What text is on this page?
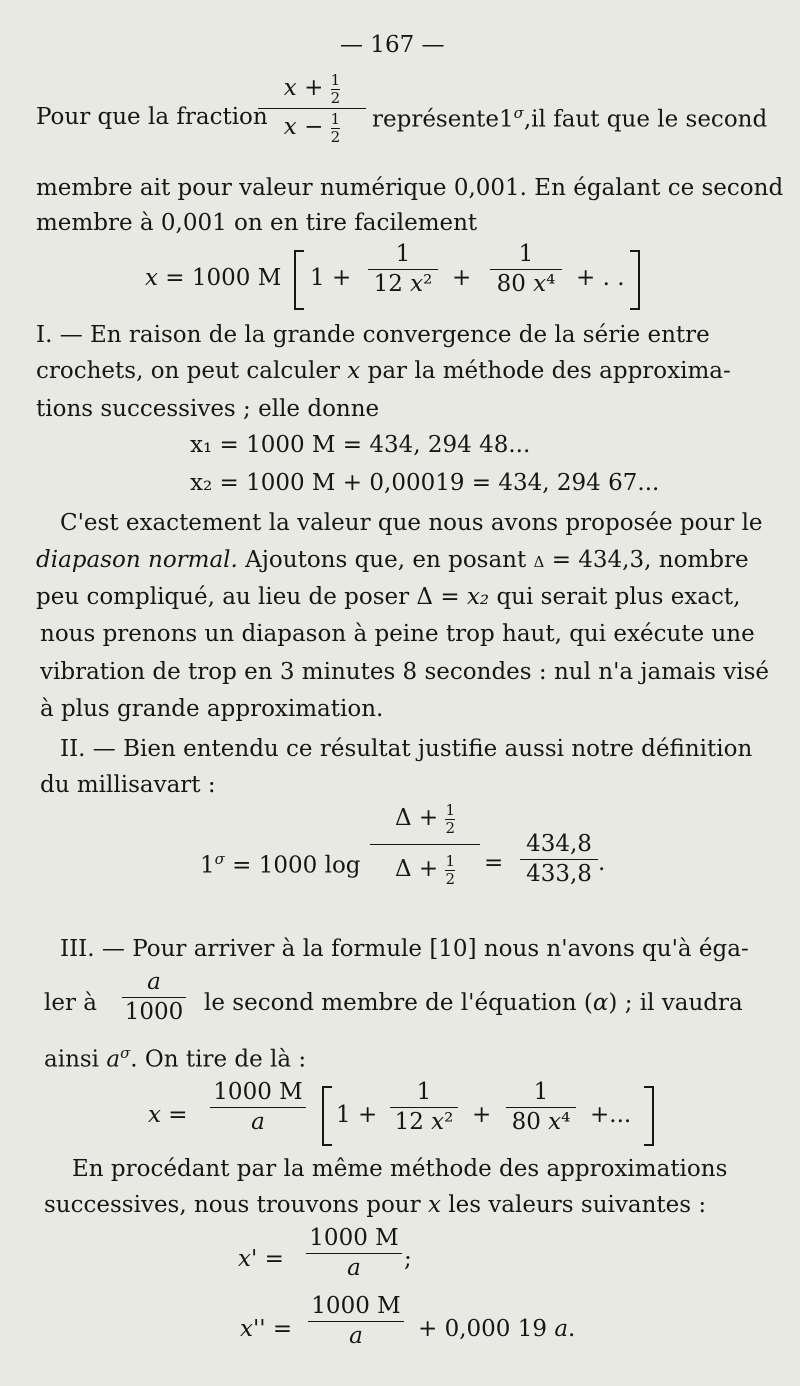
— 167 —
Pour que la fraction
$x + \frac{1}{2}$
$x - \frac{1}{2}$ $représente1^\sigma,il$ faut que le second
membre ait pour valeur numérique 0,001. En égalant ce second
membre à 0,001 on en tire facilement
x = 1000 M 1 +
1
12 x² +
1
80 x⁴ + . .
I. — En raison de la grande convergence de la série entre
crochets, on peut calculer x par la méthode des approxima-
tions successives ; elle donne
x₁ = 1000 M = 434, 294 48...
x₂ = 1000 M + 0,00019 = 434, 294 67...
C'est exactement la valeur que nous avons proposée pour le
diapason normal. Ajoutons que, en posant Δ = 434,3, nombre
peu compliqué, au lieu de poser Δ = x₂ qui serait plus exact,
nous prenons un diapason à peine trop haut, qui exécute une
vibration de trop en 3 minutes 8 secondes : nul n'a jamais visé
à plus grande approximation.
II. — Bien entendu ce résultat justifie aussi notre définition
du millisavart :
$1^\sigma = 1000$ log
$\Delta + \frac{1}{2}$
$\Delta + \frac{1}{2}$ =
434,8
433,8 .
III. — Pour arriver à la formule [10] nous n'avons qu'à éga-
ler à
a
1000 le second membre de l'équation (α) ; il vaudra
ainsi $a^\sigma$. On tire de là :
x =
1000 M
a	1 +
1
12 x² +
1
80 x⁴ +...
En procédant par la même méthode des approximations
successives, nous trouvons pour x les valeurs suivantes :
x' =
1000 M
a	;
x'' =
1000 M
a	+ 0,000 19 a.
